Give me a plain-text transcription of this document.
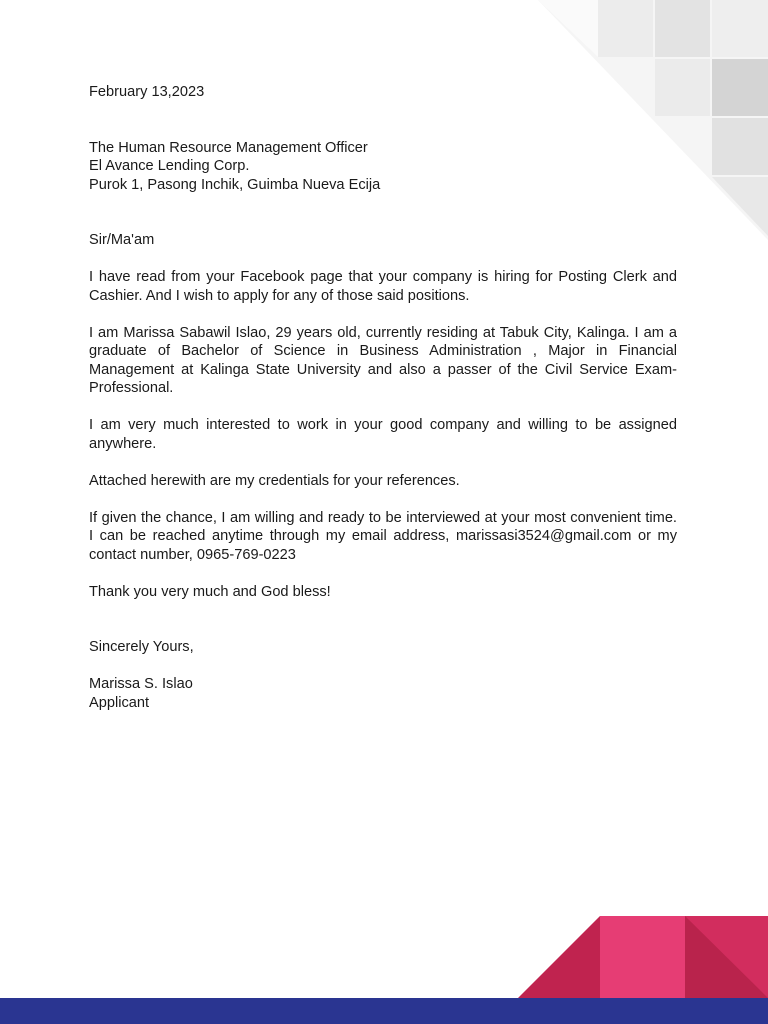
February 13,2023

The Human Resource Management Officer

El Avance Lending Corp.

Purok 1, Pasong Inchik, Guimba Nueva Ecija

Sir/Ma'am

I have read from your Facebook page that your company is hiring for Posting Clerk and Cashier. And I wish to apply for any of those said positions.

I am Marissa Sabawil Islao, 29 years old, currently residing at Tabuk City, Kalinga. I am a graduate of Bachelor of Science in Business Administration , Major in Financial Management at Kalinga State University and also a passer of the Civil Service Exam-Professional.

I am very much interested to work in your good company and willing to be assigned anywhere.

Attached herewith are my credentials for your references.

If given the chance, I am willing and ready to be interviewed at your most convenient time. I can be reached anytime through my email address, marissasi3524@gmail.com or my contact number, 0965-769-0223

Thank you very much and God bless!

Sincerely Yours,

Marissa S. Islao

Applicant
